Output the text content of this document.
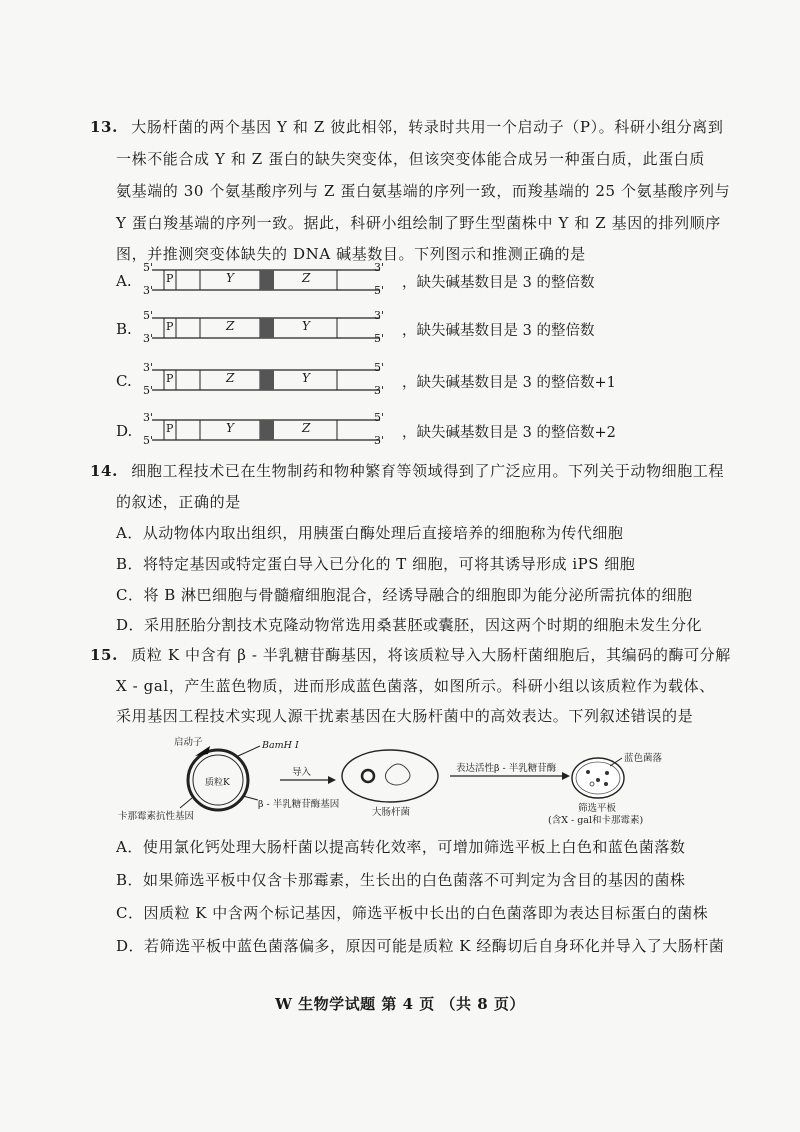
13. 大肠杆菌的两个基因 Y 和 Z 彼此相邻，转录时共用一个启动子（P）。科研小组分离到
一株不能合成 Y 和 Z 蛋白的缺失突变体，但该突变体能合成另一种蛋白质，此蛋白质
氨基端的 30 个氨基酸序列与 Z 蛋白氨基端的序列一致，而羧基端的 25 个氨基酸序列与
Y 蛋白羧基端的序列一致。据此，科研小组绘制了野生型菌株中 Y 和 Z 基因的排列顺序
图，并推测突变体缺失的 DNA 碱基数目。下列图示和推测正确的是
A.
5'
3'
3'
5'
P	Y	Z	，缺失碱基数目是 3 的整倍数
B.
5'
3'
3'
5'
P	Z	Y	，缺失碱基数目是 3 的整倍数
C.
3'
5'
5'
3'
P	Z	Y	，缺失碱基数目是 3 的整倍数+1
D.
3'
5'
5'
3'
P	Y	Z	，缺失碱基数目是 3 的整倍数+2
14. 细胞工程技术已在生物制药和物种繁育等领域得到了广泛应用。下列关于动物细胞工程
的叙述，正确的是
A．从动物体内取出组织，用胰蛋白酶处理后直接培养的细胞称为传代细胞
B．将特定基因或特定蛋白导入已分化的 T 细胞，可将其诱导形成 iPS 细胞
C．将 B 淋巴细胞与骨髓瘤细胞混合，经诱导融合的细胞即为能分泌所需抗体的细胞
D．采用胚胎分割技术克隆动物常选用桑葚胚或囊胚，因这两个时期的细胞未发生分化
15. 质粒 K 中含有 β - 半乳糖苷酶基因，将该质粒导入大肠杆菌细胞后，其编码的酶可分解
X - gal，产生蓝色物质，进而形成蓝色菌落，如图所示。科研小组以该质粒作为载体、
采用基因工程技术实现人源干扰素基因在大肠杆菌中的高效表达。下列叙述错误的是
启动子	BamH I
质粒K
卡那霉素抗性基因
β - 半乳糖苷酶基因
导入
大肠杆菌
表达活性β - 半乳糖苷酶
蓝色菌落
筛选平板
(含X - gal和卡那霉素)
A．使用氯化钙处理大肠杆菌以提高转化效率，可增加筛选平板上白色和蓝色菌落数
B．如果筛选平板中仅含卡那霉素，生长出的白色菌落不可判定为含目的基因的菌株
C．因质粒 K 中含两个标记基因，筛选平板中长出的白色菌落即为表达目标蛋白的菌株
D．若筛选平板中蓝色菌落偏多，原因可能是质粒 K 经酶切后自身环化并导入了大肠杆菌
W 生物学试题 第 4 页 （共 8 页）
